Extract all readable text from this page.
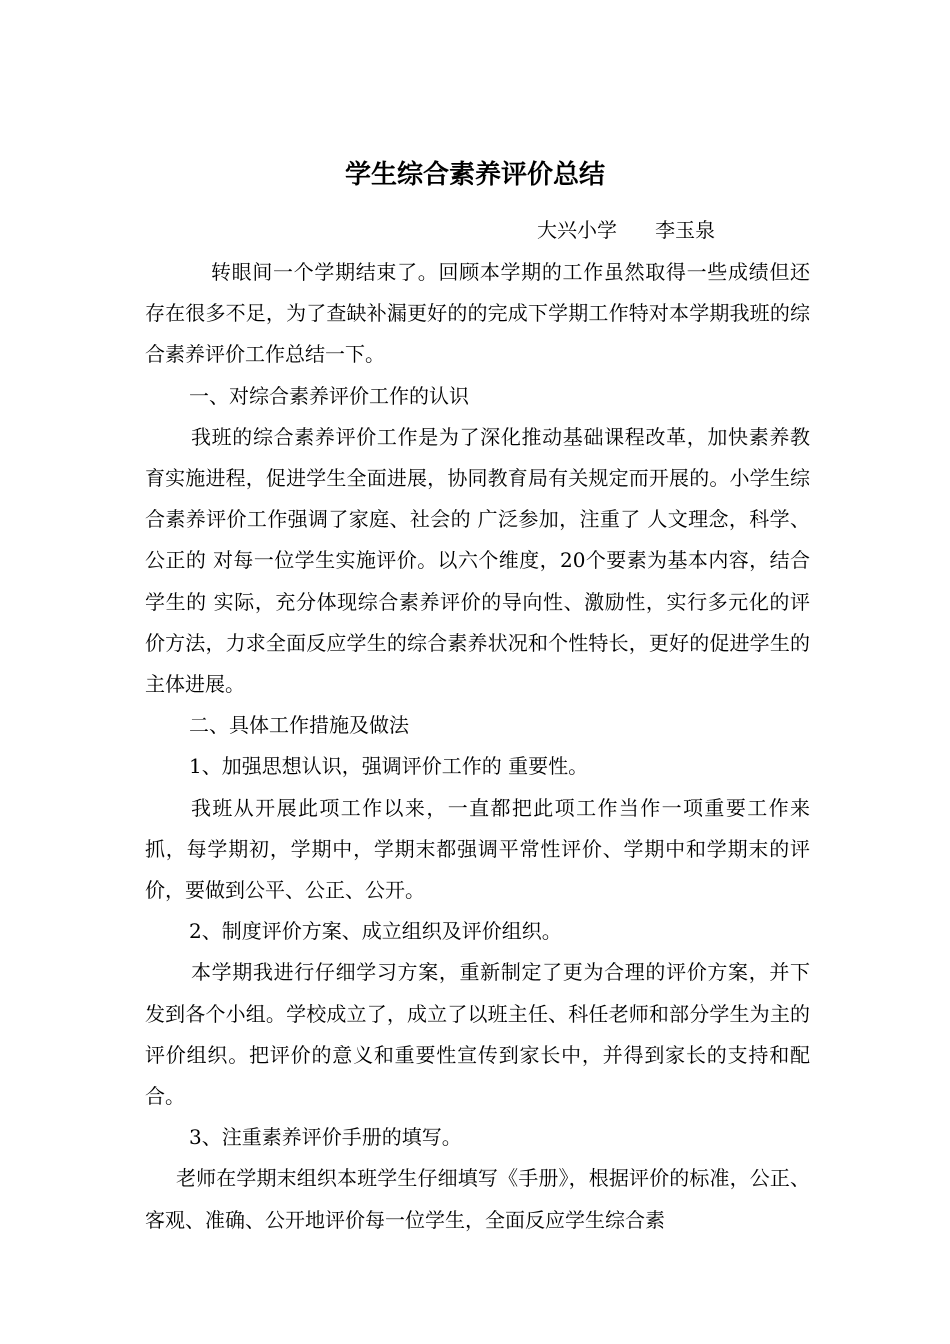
学生综合素养评价总结
大兴小学      李玉泉

转眼间一个学期结束了。回顾本学期的工作虽然取得一些成绩但还存在很多不足，为了查缺补漏更好的的完成下学期工作特对本学期我班的综合素养评价工作总结一下。

一、对综合素养评价工作的认识

我班的综合素养评价工作是为了深化推动基础课程改革，加快素养教育实施进程，促进学生全面进展，协同教育局有关规定而开展的。小学生综合素养评价工作强调了家庭、社会的 广泛参加，注重了 人文理念，科学、公正的 对每一位学生实施评价。以六个维度，20个要素为基本内容，结合学生的 实际，充分体现综合素养评价的导向性、激励性，实行多元化的评价方法，力求全面反应学生的综合素养状况和个性特长，更好的促进学生的 主体进展。

二、具体工作措施及做法

1、加强思想认识，强调评价工作的 重要性。

我班从开展此项工作以来，一直都把此项工作当作一项重要工作来抓，每学期初，学期中，学期末都强调平常性评价、学期中和学期末的评价，要做到公平、公正、公开。

2、制度评价方案、成立组织及评价组织。

本学期我进行仔细学习方案，重新制定了更为合理的评价方案，并下发到各个小组。学校成立了，成立了以班主任、科任老师和部分学生为主的评价组织。把评价的意义和重要性宣传到家长中，并得到家长的支持和配合。

3、注重素养评价手册的填写。

老师在学期末组织本班学生仔细填写《手册》，根据评价的标准，公正、客观、准确、公开地评价每一位学生，全面反应学生综合素
